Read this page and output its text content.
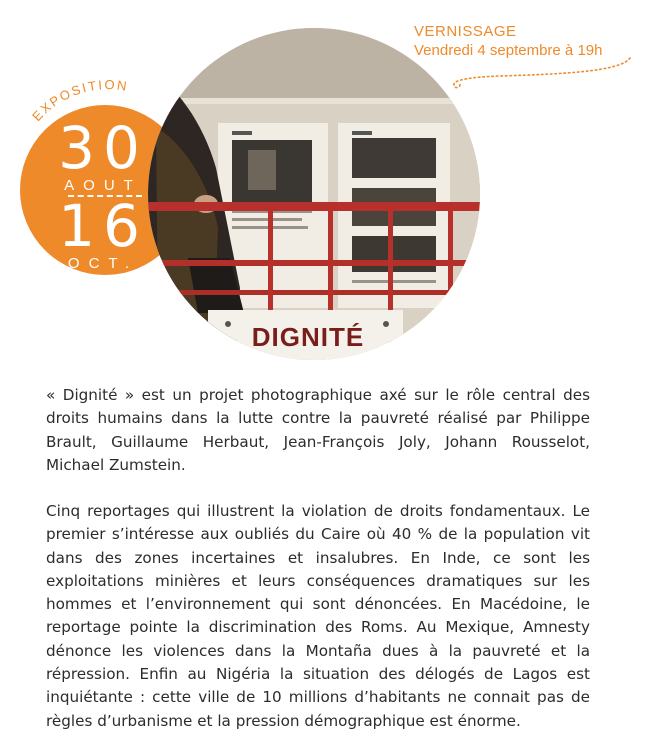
30
AOUT
16
OCT.
EXPOSITION
DIGNITÉ
VERNISSAGE
Vendredi 4 septembre à 19h

« Dignité » est un projet photographique axé sur le rôle central des droits humains dans la lutte contre la pauvreté réalisé par Philippe Brault, Guillaume Herbaut, Jean-François Joly, Johann Rousselot, Michael Zumstein.

Cinq reportages qui illustrent la violation de droits fondamentaux. Le premier s’intéresse aux oubliés du Caire où 40 % de la population vit dans des zones incertaines et insalubres. En Inde, ce sont les exploitations minières et leurs conséquences dramatiques sur les hommes et l’environnement qui sont dénoncées. En Macédoine, le reportage pointe la discrimination des Roms. Au Mexique, Amnesty dénonce les violences dans la Montaña dues à la pauvreté et la répression. Enfin au Nigéria la situation des délogés de Lagos est inquiétante : cette ville de 10 millions d’habitants ne connait pas de règles d’urbanisme et la pression démographique est énorme.
